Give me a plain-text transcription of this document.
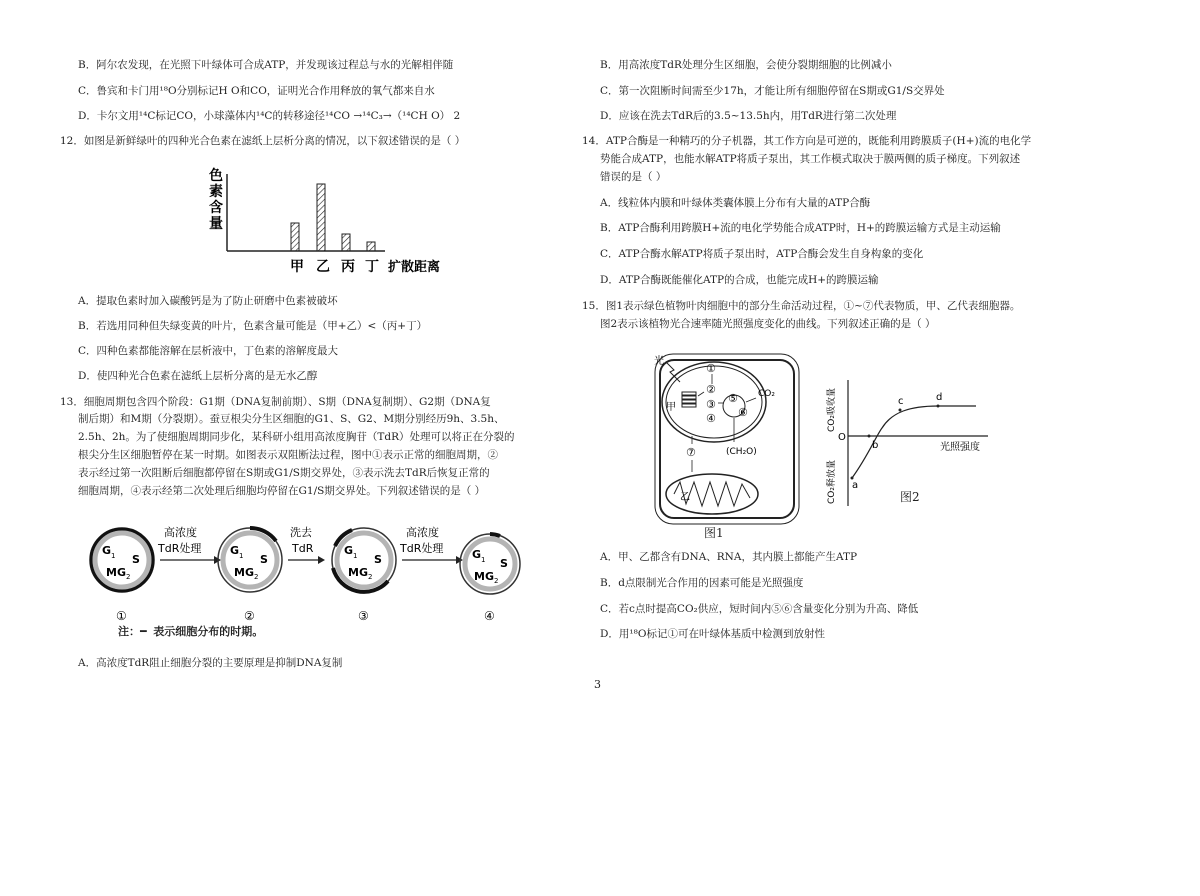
B．阿尔农发现，在光照下叶绿体可合成ATP，并发现该过程总与水的光解相伴随
C．鲁宾和卡门用¹⁸O分别标记H O和CO，证明光合作用释放的氧气都来自水
D．卡尔文用¹⁴C标记CO，小球藻体内¹⁴C的转移途径¹⁴CO →¹⁴C₃→（¹⁴CH O） 2
12．如图是新鲜绿叶的四种光合色素在滤纸上层析分离的情况，以下叙述错误的是（ ）
色
素
含
量
甲 乙 丙 丁 扩散距离
A．提取色素时加入碳酸钙是为了防止研磨中色素被破坏
B．若选用同种但失绿变黄的叶片，色素含量可能是（甲+乙）<（丙+丁）
C．四种色素都能溶解在层析液中，丁色素的溶解度最大
D．使四种光合色素在滤纸上层析分离的是无水乙醇
13．细胞周期包含四个阶段：G1期（DNA复制前期）、S期（DNA复制期）、G2期（DNA复
制后期）和M期（分裂期）。蚕豆根尖分生区细胞的G1、S、G2、M期分别经历9h、3.5h、
2.5h、2h。为了使细胞周期同步化，某科研小组用高浓度胸苷（TdR）处理可以将正在分裂的
根尖分生区细胞暂停在某一时期。如图表示双阻断法过程，图中①表示正常的细胞周期，②
表示经过第一次阻断后细胞都停留在S期或G1/S期交界处，③表示洗去TdR后恢复正常的
细胞周期，④表示经第二次处理后细胞均停留在G1/S期交界处。下列叙述错误的是（ ）
G 1 S
M G 2
高浓度
TdR处理	G 1 S
M G 2
洗去
TdR	G 1 S
M G 2
高浓度
TdR处理	G 1 S
M G 2
①	②	③	④
注：━ 表示细胞分布的时期。
A．高浓度TdR阻止细胞分裂的主要原理是抑制DNA复制
B．用高浓度TdR处理分生区细胞，会使分裂期细胞的比例减小
C．第一次阻断时间需至少17h，才能让所有细胞停留在S期或G1/S交界处
D．应该在洗去TdR后的3.5~13.5h内，用TdR进行第二次处理
14．ATP合酶是一种精巧的分子机器，其工作方向是可逆的，既能利用跨膜质子(H+)流的电化学
势能合成ATP，也能水解ATP将质子泵出，其工作模式取决于膜两侧的质子梯度。下列叙述
错误的是（ ）
A．线粒体内膜和叶绿体类囊体膜上分布有大量的ATP合酶
B．ATP合酶利用跨膜H+流的电化学势能合成ATP时，H+的跨膜运输方式是主动运输
C．ATP合酶水解ATP将质子泵出时，ATP合酶会发生自身构象的变化
D．ATP合酶既能催化ATP的合成，也能完成H+的跨膜运输
15．图1表示绿色植物叶肉细胞中的部分生命活动过程，①~⑦代表物质，甲、乙代表细胞器。
图2表示该植物光合速率随光照强度变化的曲线。下列叙述正确的是（ ）
光
①
②
③
④
⑤
⑥
⑦
甲
CO₂
(CH₂O)
乙
图1
O
a
b
c	d
光照强度
CO₂吸收量
CO₂释放量	图2
A．甲、乙都含有DNA、RNA，其内膜上都能产生ATP
B．d点限制光合作用的因素可能是光照强度
C．若c点时提高CO₂供应，短时间内⑤⑥含量变化分别为升高、降低
D．用¹⁸O标记①可在叶绿体基质中检测到放射性
3
